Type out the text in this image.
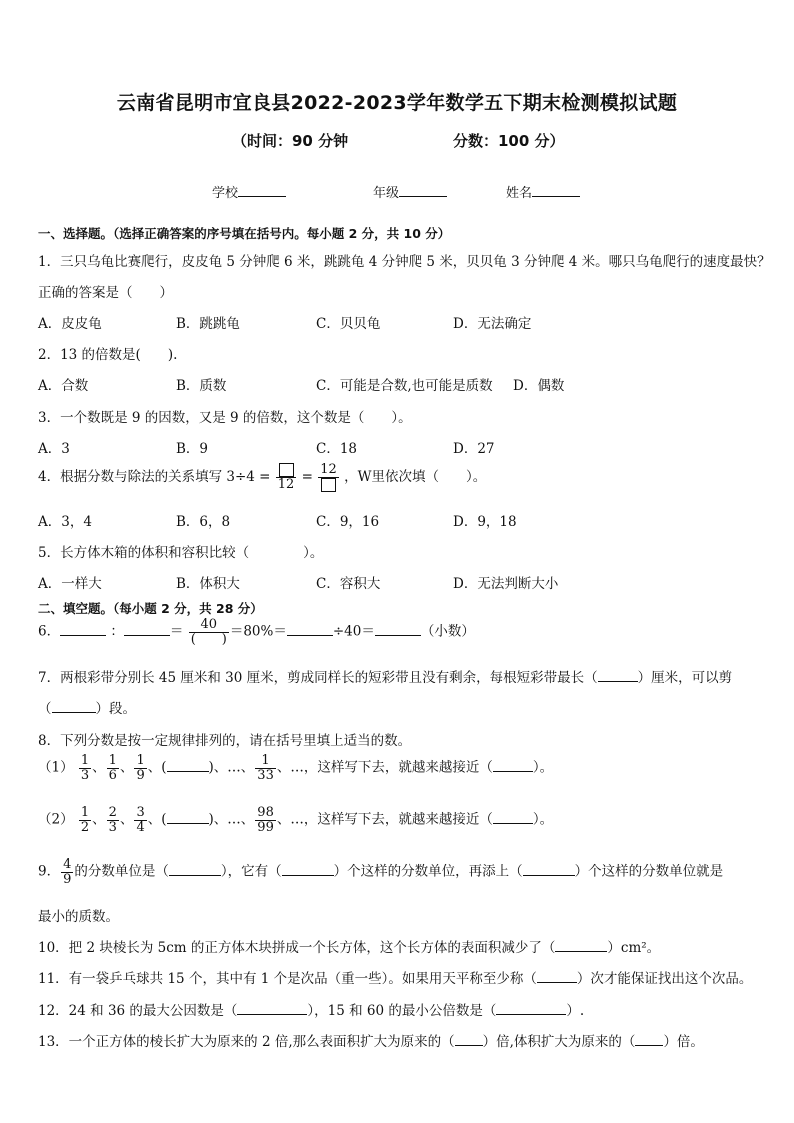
云南省昆明市宜良县2022-2023学年数学五下期末检测模拟试题
（时间：90 分钟	分数：100 分）
学校	年级	姓名
一、选择题。（选择正确答案的序号填在括号内。每小题 2 分，共 10 分）
1．三只乌龟比赛爬行，皮皮龟 5 分钟爬 6 米，跳跳龟 4 分钟爬 5 米，贝贝龟 3 分钟爬 4 米。哪只乌龟爬行的速度最快？
正确的答案是（　　）
A．皮皮龟	B．跳跳龟	C．贝贝龟	D．无法确定
2．13 的倍数是(　　).
A．合数	B．质数	C．可能是合数,也可能是质数 D．偶数
3．一个数既是 9 的因数，又是 9 的倍数，这个数是（　　）。
A．3	B．9	C．18	D．27
4．根据分数与除法的关系填写 3÷4 = 12 = 12 ，W里依次填（　　）。
A．3，4	B．6，8	C．9，16	D．9，18
5．长方体木箱的体积和容积比较（　　　　）。
A．一样大	B．体积大	C．容积大	D．无法判断大小
二、填空题。（每小题 2 分，共 28 分）
6．	：	＝ $\frac{40}{( )} =80\%=$	÷40＝	（小数）
7．两根彩带分别长 45 厘米和 30 厘米，剪成同样长的短彩带且没有剩余，每根短彩带最长（	）厘米，可以剪
（	）段。
8．下列分数是按一定规律排列的，请在括号里填上适当的数。
$(1) \frac{1}{3}$ 、 $\frac{1}{6}$ 、 $\frac{1}{9}$ 、(	)、…、 $\frac{1}{33}$ 、…，这样写下去，就越来越接近（	）。
$(2) \frac{1}{2}$ 、 $\frac{2}{3}$ 、 $\frac{3}{4}$ 、(	)、…、 $\frac{98}{99}$ 、…，这样写下去，就越来越接近（	）。
9． $\frac{4}{9}$ 的分数单位是（	），它有（	）个这样的分数单位，再添上（	）个这样的分数单位就是
最小的质数。
10．把 2 块棱长为 5cm 的正方体木块拼成一个长方体，这个长方体的表面积减少了（	）cm²。
11．有一袋乒乓球共 15 个，其中有 1 个是次品（重一些）。如果用天平称至少称（	）次才能保证找出这个次品。
12．24 和 36 的最大公因数是（	），15 和 60 的最小公倍数是（	）.
13．一个正方体的棱长扩大为原来的 2 倍,那么表面积扩大为原来的（ ）倍,体积扩大为原来的（ ）倍。
